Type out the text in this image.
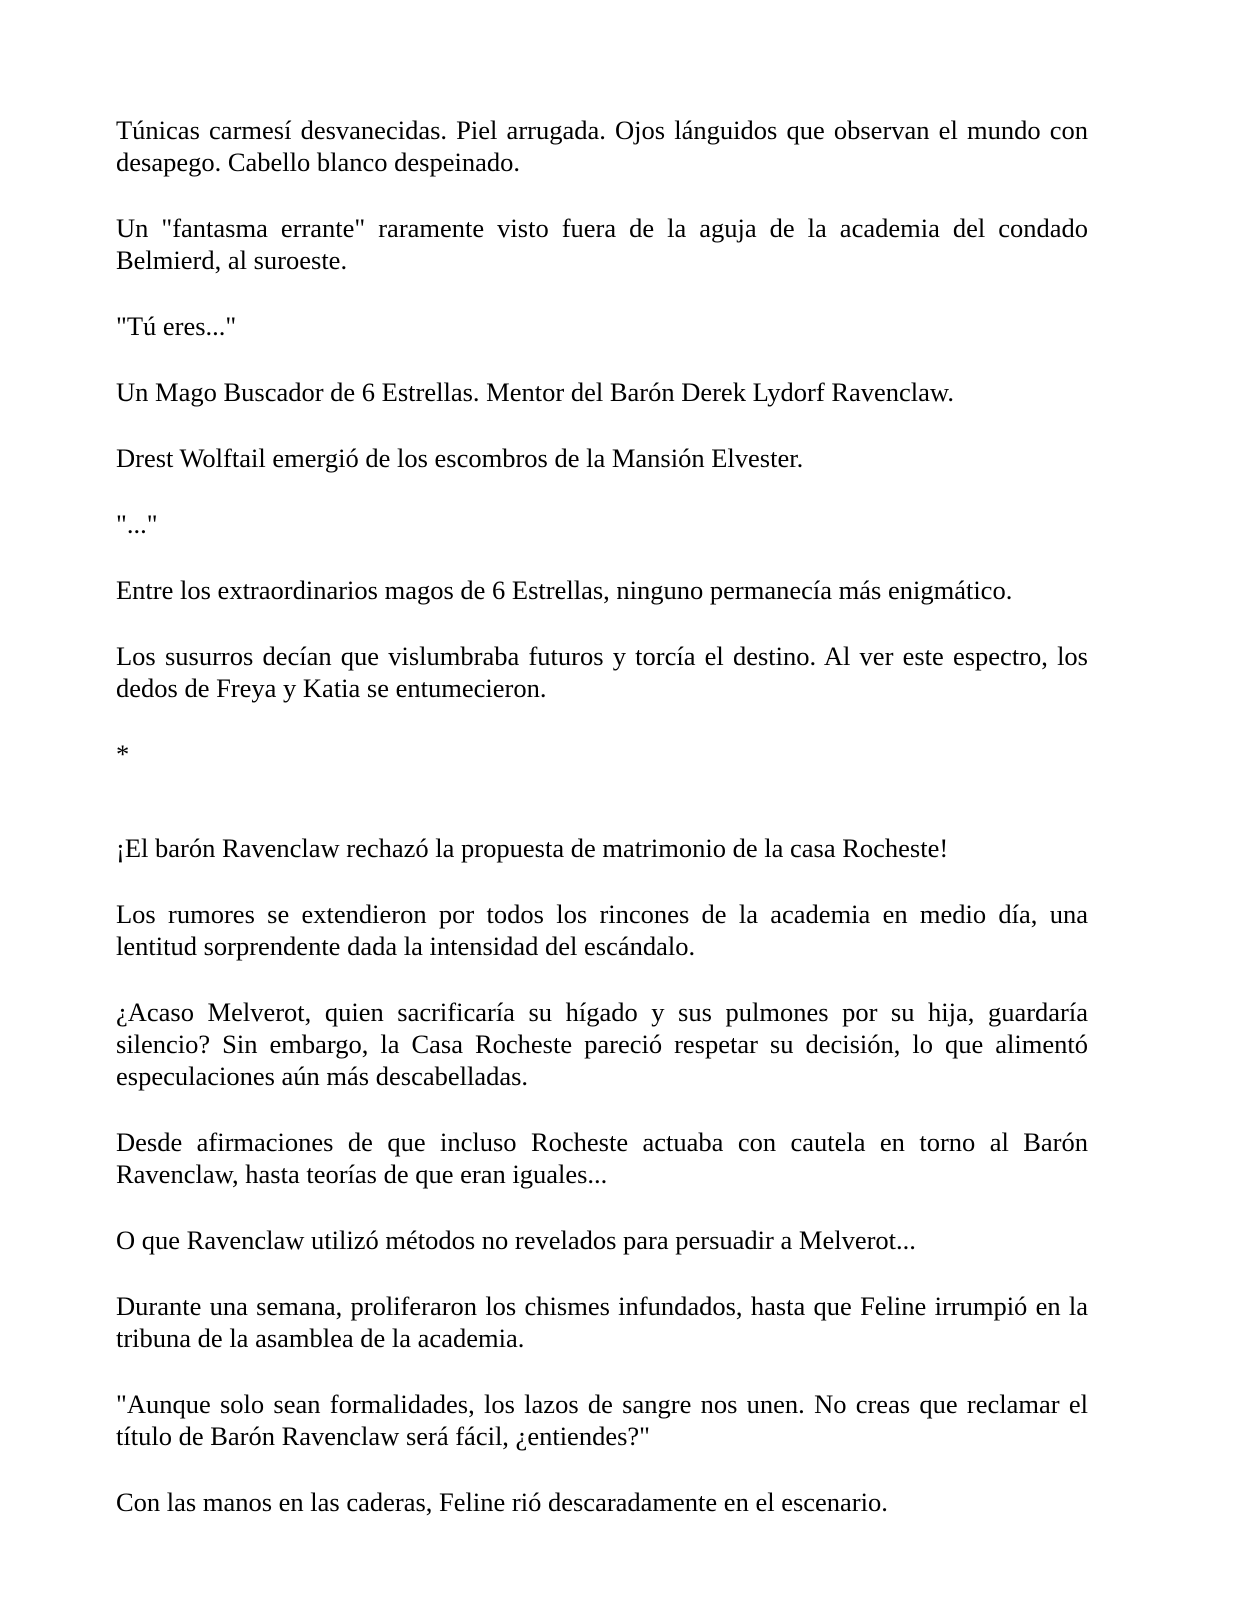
Túnicas carmesí desvanecidas. Piel arrugada. Ojos lánguidos que observan el mundo con desapego. Cabello blanco despeinado.

Un "fantasma errante" raramente visto fuera de la aguja de la academia del condado Belmierd, al suroeste.

"Tú eres..."

Un Mago Buscador de 6 Estrellas. Mentor del Barón Derek Lydorf Ravenclaw.

Drest Wolftail emergió de los escombros de la Mansión Elvester.

"..."

Entre los extraordinarios magos de 6 Estrellas, ninguno permanecía más enigmático.

Los susurros decían que vislumbraba futuros y torcía el destino. Al ver este espectro, los dedos de Freya y Katia se entumecieron.

*

¡El barón Ravenclaw rechazó la propuesta de matrimonio de la casa Rocheste!

Los rumores se extendieron por todos los rincones de la academia en medio día, una lentitud sorprendente dada la intensidad del escándalo.

¿Acaso Melverot, quien sacrificaría su hígado y sus pulmones por su hija, guardaría silencio? Sin embargo, la Casa Rocheste pareció respetar su decisión, lo que alimentó especulaciones aún más descabelladas.

Desde afirmaciones de que incluso Rocheste actuaba con cautela en torno al Barón Ravenclaw, hasta teorías de que eran iguales...

O que Ravenclaw utilizó métodos no revelados para persuadir a Melverot...

Durante una semana, proliferaron los chismes infundados, hasta que Feline irrumpió en la tribuna de la asamblea de la academia.

"Aunque solo sean formalidades, los lazos de sangre nos unen. No creas que reclamar el título de Barón Ravenclaw será fácil, ¿entiendes?"

Con las manos en las caderas, Feline rió descaradamente en el escenario.
